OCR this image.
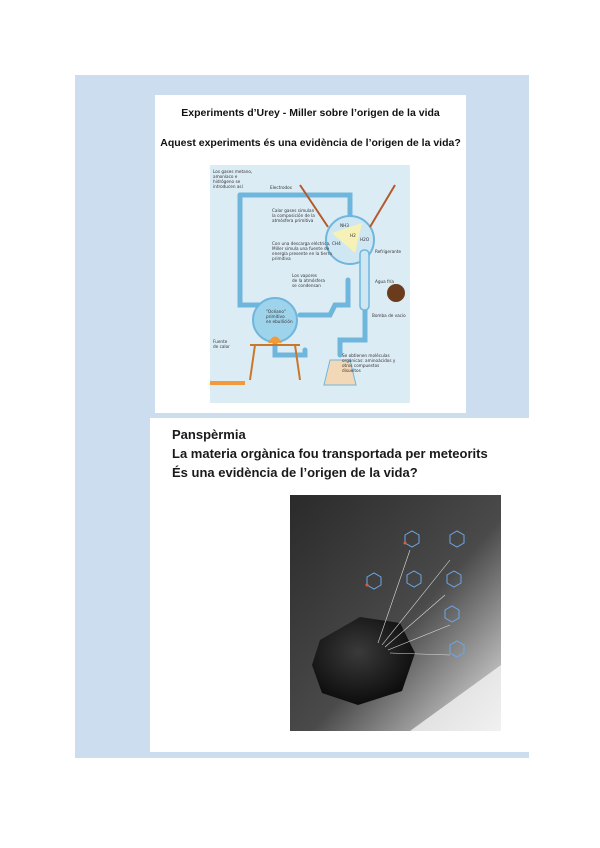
Experiments d’Urey - Miller sobre l’origen de la vida
Aquest experiments és una evidència de l’origen de la vida?
Los gases metano,
amoníaco e
hidrógeno se
introducen así	Electrodos
NH3
H2
CH4
H2O
Calor gases simulan
la composición de la
atmósfera primitiva
Con una descarga eléctrica,
Miller simula una fuente de
energía presente en la tierra
primitiva
Refrigerante
Agua fría
Los vapores
de la atmósfera
se condensan
"Océano"
primitivo
en ebullición
Bomba de vacío
Fuente
de calor
Se obtienen moléculas
orgánicas: aminoácidos y
otros compuestos
disueltos
Panspèrmia
La materia orgànica fou transportada per meteorits
És una evidència de l’origen de la vida?
